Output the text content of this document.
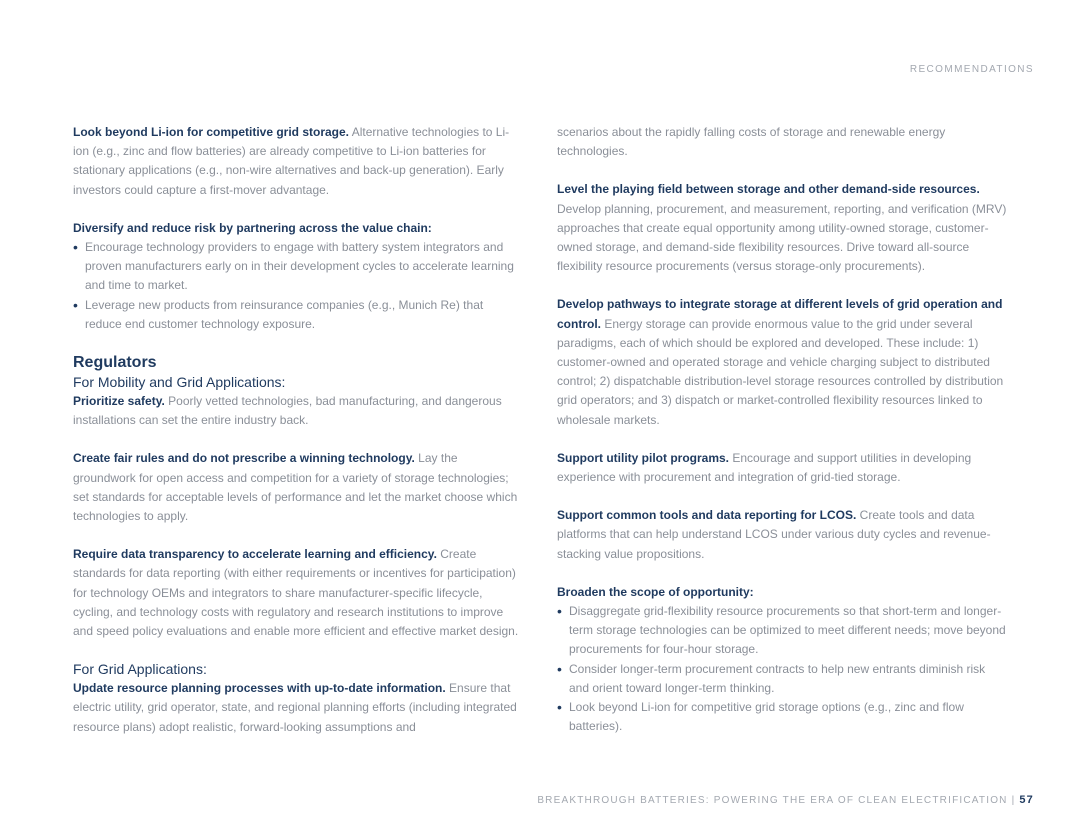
RECOMMENDATIONS

Look beyond Li-ion for competitive grid storage. Alternative technologies to Li-ion (e.g., zinc and flow batteries) are already competitive to Li-ion batteries for stationary applications (e.g., non-wire alternatives and back-up generation). Early investors could capture a first-mover advantage.

Diversify and reduce risk by partnering across the value chain:
• Encourage technology providers to engage with battery system integrators and proven manufacturers early on in their development cycles to accelerate learning and time to market.
• Leverage new products from reinsurance companies (e.g., Munich Re) that reduce end customer technology exposure.
Regulators
For Mobility and Grid Applications:

Prioritize safety. Poorly vetted technologies, bad manufacturing, and dangerous installations can set the entire industry back.

Create fair rules and do not prescribe a winning technology. Lay the groundwork for open access and competition for a variety of storage technologies; set standards for acceptable levels of performance and let the market choose which technologies to apply.

Require data transparency to accelerate learning and efficiency. Create standards for data reporting (with either requirements or incentives for participation) for technology OEMs and integrators to share manufacturer-specific lifecycle, cycling, and technology costs with regulatory and research institutions to improve and speed policy evaluations and enable more efficient and effective market design.

For Grid Applications:

Update resource planning processes with up-to-date information. Ensure that electric utility, grid operator, state, and regional planning efforts (including integrated resource plans) adopt realistic, forward-looking assumptions and

scenarios about the rapidly falling costs of storage and renewable energy technologies.

Level the playing field between storage and other demand-side resources. Develop planning, procurement, and measurement, reporting, and verification (MRV) approaches that create equal opportunity among utility-owned storage, customer-owned storage, and demand-side flexibility resources. Drive toward all-source flexibility resource procurements (versus storage-only procurements).

Develop pathways to integrate storage at different levels of grid operation and control. Energy storage can provide enormous value to the grid under several paradigms, each of which should be explored and developed. These include: 1) customer-owned and operated storage and vehicle charging subject to distributed control; 2) dispatchable distribution-level storage resources controlled by distribution grid operators; and 3) dispatch or market-controlled flexibility resources linked to wholesale markets.

Support utility pilot programs. Encourage and support utilities in developing experience with procurement and integration of grid-tied storage.

Support common tools and data reporting for LCOS. Create tools and data platforms that can help understand LCOS under various duty cycles and revenue-stacking value propositions.

Broaden the scope of opportunity:
• Disaggregate grid-flexibility resource procurements so that short-term and longer-term storage technologies can be optimized to meet different needs; move beyond procurements for four-hour storage.
• Consider longer-term procurement contracts to help new entrants diminish risk and orient toward longer-term thinking.
• Look beyond Li-ion for competitive grid storage options (e.g., zinc and flow batteries).
BREAKTHROUGH BATTERIES: POWERING THE ERA OF CLEAN ELECTRIFICATION | 57
